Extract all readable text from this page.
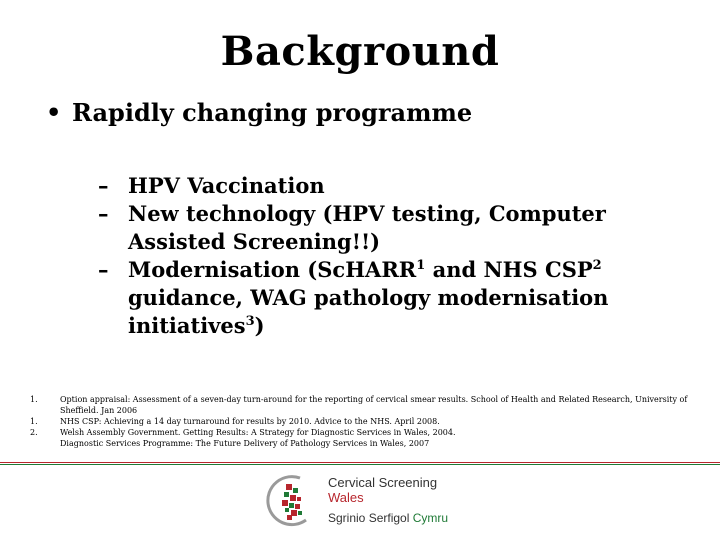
Background
• Rapidly changing programme
– HPV Vaccination
– New technology (HPV testing, Computer Assisted Screening!!)
– Modernisation (ScHARR$^1$ and NHS CSP$^2$ guidance, WAG pathology modernisation initiatives$^3$)
1.	Option appraisal: Assessment of a seven-day turn-around for the reporting of cervical smear results. School of Health and Related Research, University of Sheffield. Jan 2006
1.	NHS CSP: Achieving a 14 day turnaround for results by 2010. Advice to the NHS. April 2008.
2.	Welsh Assembly Government. Getting Results: A Strategy for Diagnostic Services in Wales, 2004.
Diagnostic Services Programme: The Future Delivery of Pathology Services in Wales, 2007
Cervical Screening Wales
Sgrinio Serfigol Cymru
